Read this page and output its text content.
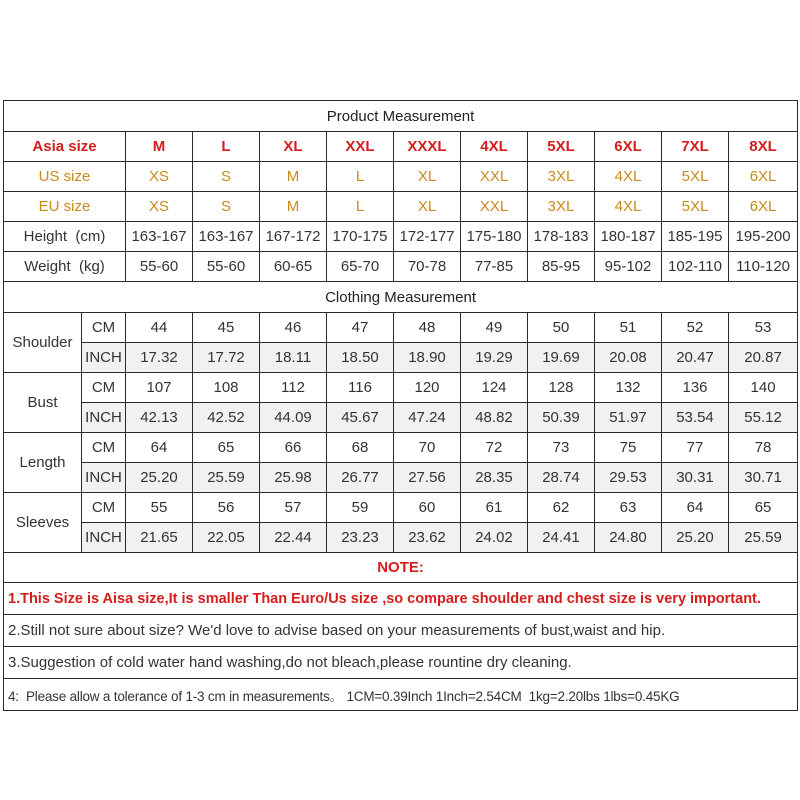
Product Measurement											
Asia size		M	L	XL	XXL	XXXL	4XL	5XL	6XL	7XL	8XL
US size		XS	S	M	L	XL	XXL	3XL	4XL	5XL	6XL
EU size		XS	S	M	L	XL	XXL	3XL	4XL	5XL	6XL
Height  (cm)		163-167	163-167	167-172	170-175	172-177	175-180	178-183	180-187	185-195	195-200
Weight  (kg)		55-60	55-60	60-65	65-70	70-78	77-85	85-95	95-102	102-110	110-120
Clothing Measurement											
Shoulder	CM	44	45	46	47	48	49	50	51	52	53
	INCH	17.32	17.72	18.11	18.50	18.90	19.29	19.69	20.08	20.47	20.87
Bust	CM	107	108	112	116	120	124	128	132	136	140
	INCH	42.13	42.52	44.09	45.67	47.24	48.82	50.39	51.97	53.54	55.12
Length	CM	64	65	66	68	70	72	73	75	77	78
	INCH	25.20	25.59	25.98	26.77	27.56	28.35	28.74	29.53	30.31	30.71
Sleeves	CM	55	56	57	59	60	61	62	63	64	65
	INCH	21.65	22.05	22.44	23.23	23.62	24.02	24.41	24.80	25.20	25.59
NOTE:											
1.This Size is Aisa size,It is smaller Than Euro/Us size ,so compare shoulder and chest size is very important.											
2.Still not sure about size? We'd love to advise based on your measurements of bust,waist and hip.											
3.Suggestion of cold water hand washing,do not bleach,please rountine dry cleaning.											
4:  Please allow a tolerance of 1-3 cm in measurements。 1CM=0.39Inch 1Inch=2.54CM  1kg=2.20lbs 1lbs=0.45KG											
